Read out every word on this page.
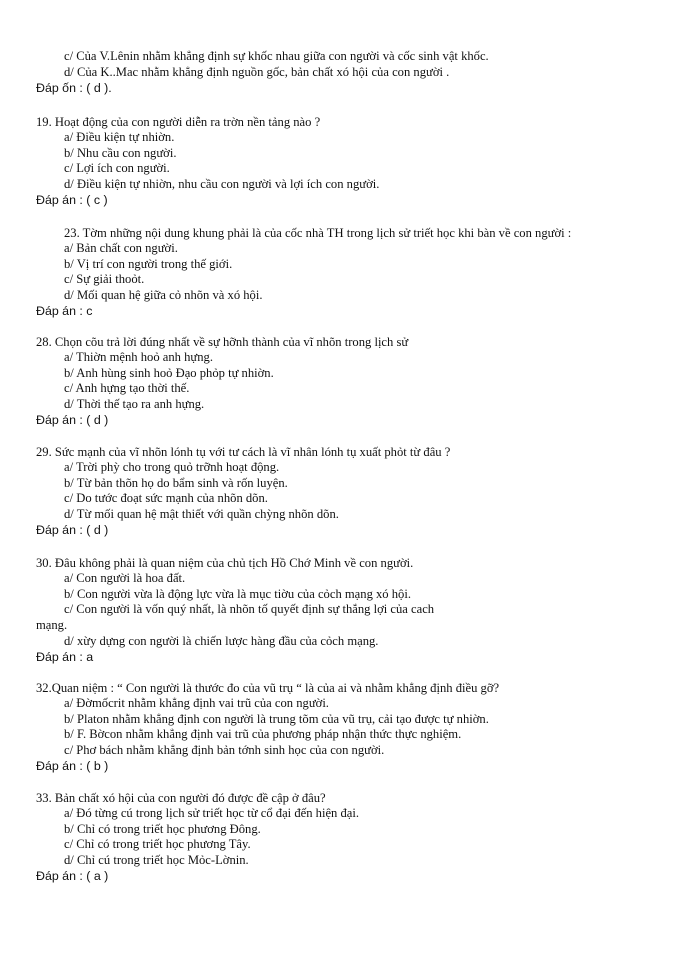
c/ Của V.Lênin nhằm khẳng định sự khốc nhau giữa con người và cốc sinh vật khốc.
d/ Của K..Mac nhằm khẳng định nguồn gốc, bản chất xó hội của con người .
Đáp ốn : ( d ).
19. Hoạt động của con người diễn ra trờn nền tảng nào ?
a/ Điều kiện tự nhiờn.
b/ Nhu cầu con người.
c/ Lợi ích con người.
d/ Điều kiện tự nhiờn, nhu cầu con người và lợi ích con người.
Đáp án : ( c )
23. Tờm những nội dung khung phải là của cốc nhà TH trong lịch sử triết học khi bàn về con người :
a/ Bản chất con người.
b/ Vị trí con người trong thế giới.
c/ Sự giải thoỏt.
d/ Mối quan hệ giữa cỏ nhõn và xó hội.
Đáp án : c
28. Chọn cõu trả lời đúng nhất về sự hỡnh thành của vĩ nhõn trong lịch sử
a/ Thiờn mệnh hoỏ anh hựng.
b/ Anh hùng sinh hoỏ Đạo phỏp tự nhiờn.
c/ Anh hựng tạo thời thế.
d/ Thời thế tạo ra anh hựng.
Đáp án : ( d )
29. Sức mạnh của vĩ nhõn lónh tụ với tư cách là vĩ nhân lónh tụ xuất phỏt từ đâu ?
a/ Trời phỳ cho trong quỏ trỡnh hoạt động.
b/ Từ bản thõn họ do bẩm sinh và rốn luyện.
c/ Do tước đoạt sức mạnh của nhõn dõn.
d/ Từ mối quan hệ mật thiết với quần chỳng nhõn dõn.
Đáp án : ( d )
30. Đâu không phải là quan niệm của chủ tịch Hồ Chớ Minh về con người.
a/ Con người là hoa đất.
b/ Con người vừa là động lực vừa là mục tiờu của cỏch mạng xó hội.
c/ Con người là vốn quý nhất, là nhõn tố quyết định sự thắng lợi của cach
mạng.
d/ xừy dựng con người là chiến lược hàng đầu của cỏch mạng.
Đáp án : a
32.Quan niệm : “ Con người là thước đo của vũ trụ “ là của ai và nhằm khẳng định điều gỡ?
a/ Đờmốcrit nhằm khẳng định vai trũ của con người.
b/ Platon nhằm khẳng định con người là trung tõm của vũ trụ, cải tạo được tự nhiờn.
b/ F. Bờcon nhằm khẳng định vai trũ của phương pháp nhận thức thực nghiệm.
c/ Phơ bách nhằm khẳng định bản tớnh sinh học của con người.
Đáp án : ( b )
33. Bản chất xó hội của con người đó được đề cập ở đâu?
a/ Đó từng cú trong lịch sử triết học từ cổ đại đến hiện đại.
b/ Chỉ có trong triết học phương Đông.
c/ Chỉ có trong triết học phương Tây.
d/ Chỉ cú trong triết học Mỏc-Lờnin.
Đáp án : ( a )
